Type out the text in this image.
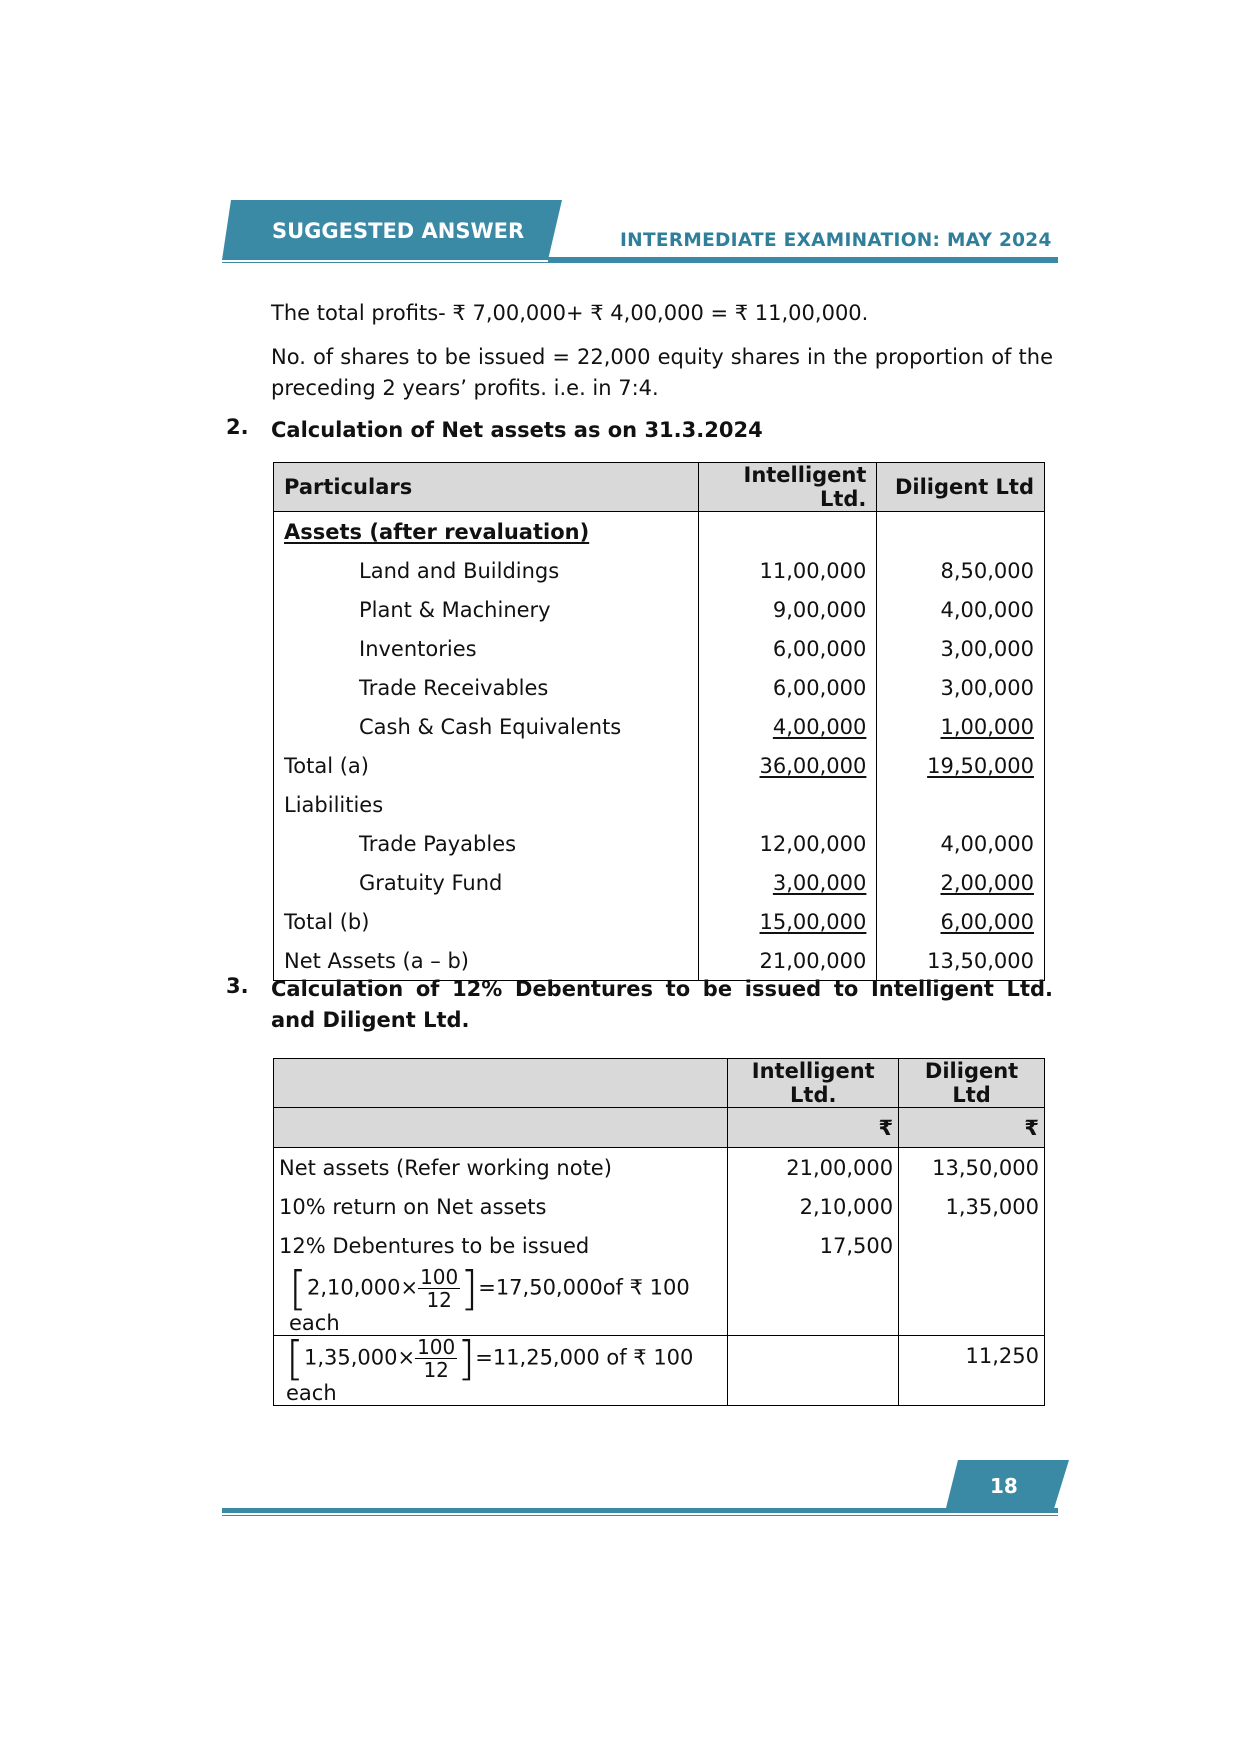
SUGGESTED ANSWER	INTERMEDIATE EXAMINATION: MAY 2024
The total profits- ₹ 7,00,000+ ₹ 4,00,000 = ₹ 11,00,000.
No. of shares to be issued = 22,000 equity shares in the proportion of the preceding 2 years’ profits. i.e. in 7:4.
2. Calculation of Net assets as on 31.3.2024
Particulars	Intelligent Ltd.	Diligent Ltd
Assets (after revaluation)		
Land and Buildings	11,00,000	8,50,000
Plant & Machinery	9,00,000	4,00,000
Inventories	6,00,000	3,00,000
Trade Receivables	6,00,000	3,00,000
Cash & Cash Equivalents	4,00,000	1,00,000
Total (a)	36,00,000	19,50,000
Liabilities		
Trade Payables	12,00,000	4,00,000
Gratuity Fund	3,00,000	2,00,000
Total (b)	15,00,000	6,00,000
Net Assets (a – b)	21,00,000	13,50,000
3. Calculation of 12% Debentures to be issued to Intelligent Ltd. and Diligent Ltd.
	Intelligent Ltd.	Diligent Ltd
	₹	₹
Net assets (Refer working note)	21,00,000	13,50,000
10% return on Net assets	2,10,000	1,35,000
12% Debentures to be issued	17,500	
$[2,10,000\times \frac{100}{12} ]=17,50,000of$ ₹ 100 each		
$[1,35,000\times \frac{100}{12} ]=11,25,000$ of ₹ 100 each		11,250
18
